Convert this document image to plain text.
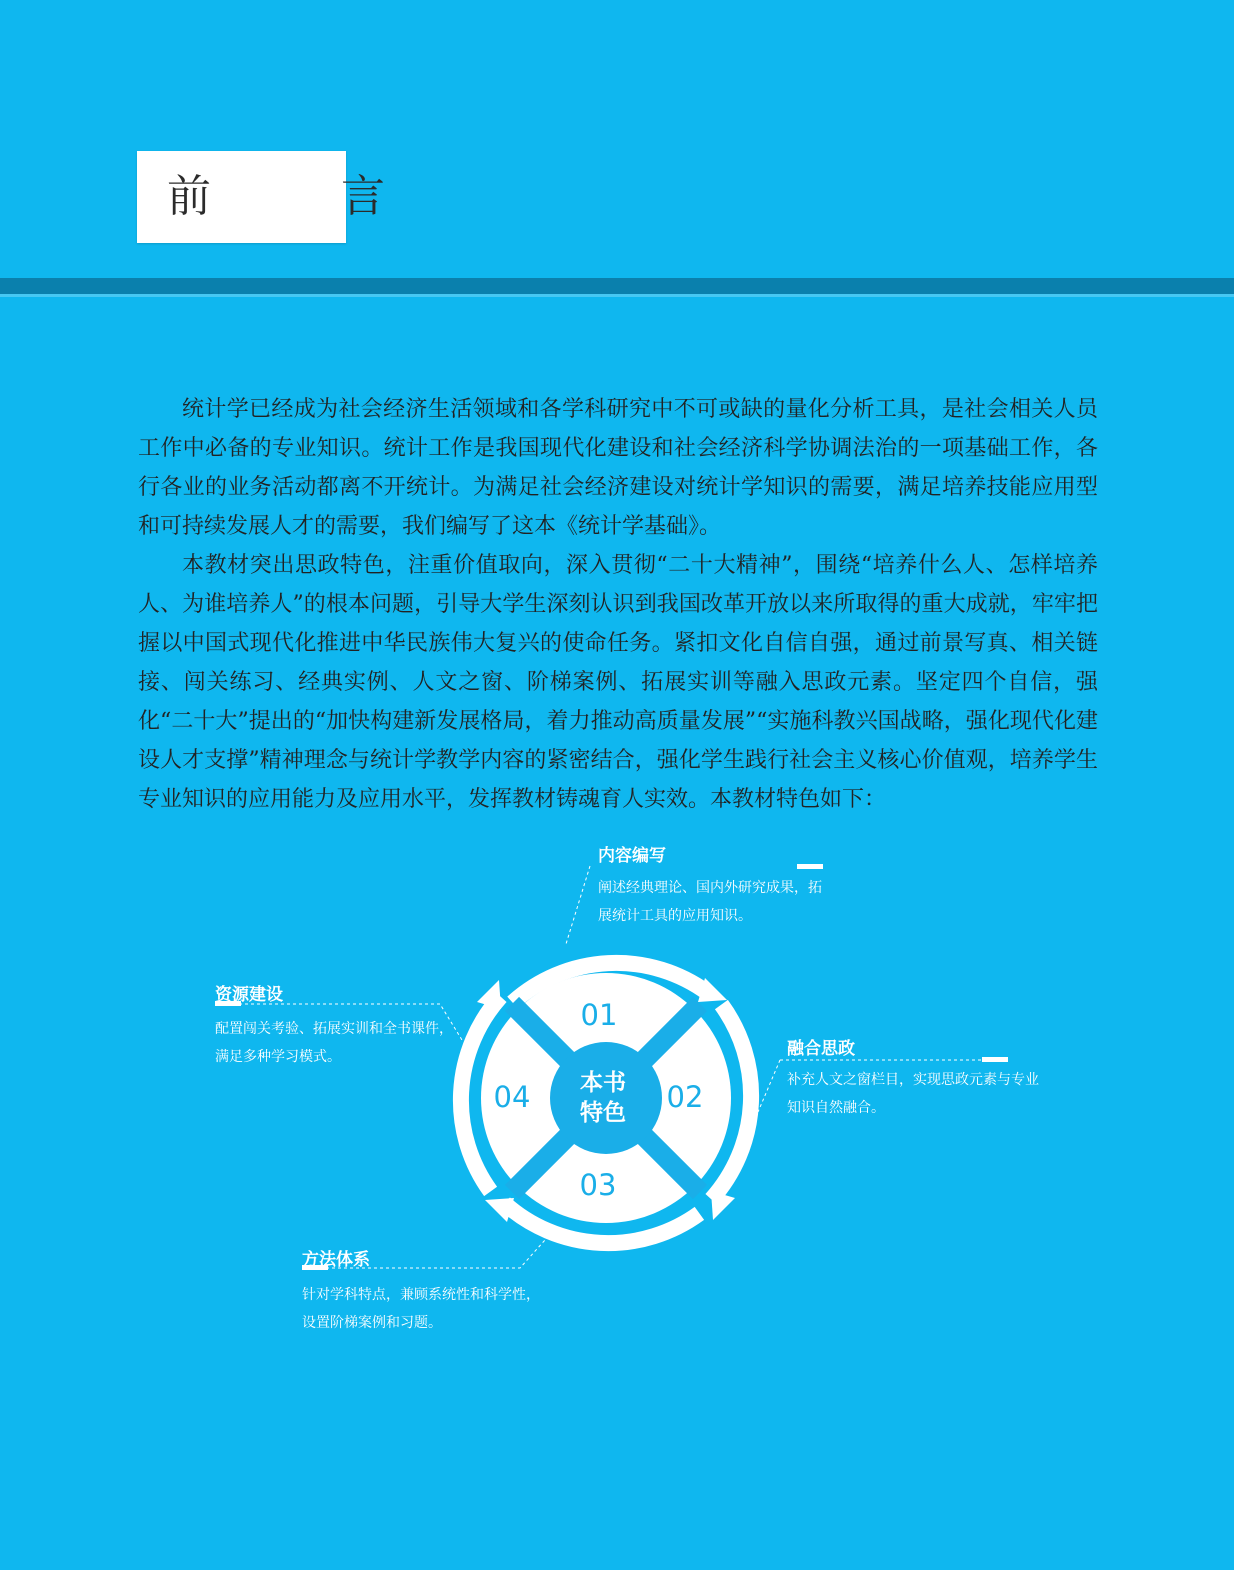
前 言

统计学已经成为社会经济生活领域和各学科研究中不可或缺的量化分析工具，是社会相关人员工作中必备的专业知识。统计工作是我国现代化建设和社会经济科学协调法治的一项基础工作，各行各业的业务活动都离不开统计。为满足社会经济建设对统计学知识的需要，满足培养技能应用型和可持续发展人才的需要，我们编写了这本《统计学基础》。

本教材突出思政特色，注重价值取向，深入贯彻“二十大精神”，围绕“培养什么人、怎样培养人、为谁培养人”的根本问题，引导大学生深刻认识到我国改革开放以来所取得的重大成就，牢牢把握以中国式现代化推进中华民族伟大复兴的使命任务。紧扣文化自信自强，通过前景写真、相关链接、闯关练习、经典实例、人文之窗、阶梯案例、拓展实训等融入思政元素。坚定四个自信，强化“二十大”提出的“加快构建新发展格局，着力推动高质量发展”“实施科教兴国战略，强化现代化建设人才支撑”精神理念与统计学教学内容的紧密结合，强化学生践行社会主义核心价值观，培养学生专业知识的应用能力及应用水平，发挥教材铸魂育人实效。本教材特色如下：

01
02
03
04	本书
特色
内容编写
阐述经典理论、国内外研究成果，拓展统计工具的应用知识。
融合思政
补充人文之窗栏目，实现思政元素与专业知识自然融合。
方法体系
针对学科特点，兼顾系统性和科学性，设置阶梯案例和习题。
资源建设
配置闯关考验、拓展实训和全书课件，满足多种学习模式。
